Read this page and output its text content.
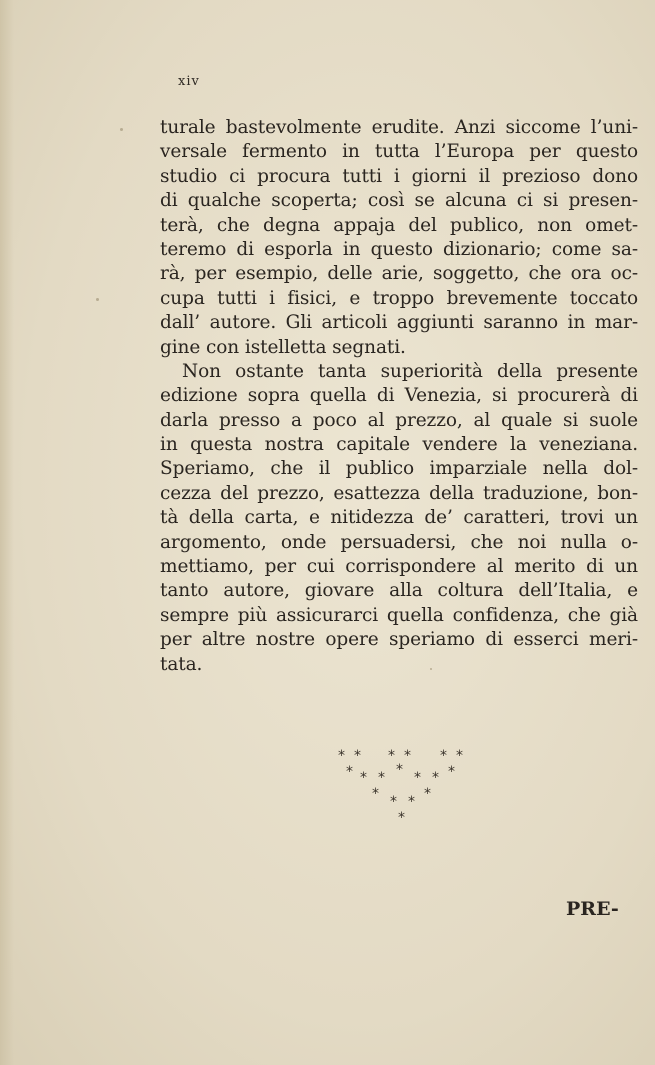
xiv
turale bastevolmente erudite. Anzi siccome l’uni-
versale fermento in tutta l’Europa per questo
studio ci procura tutti i giorni il prezioso dono
di qualche scoperta; così se alcuna ci si presen-
terà, che degna appaja del publico, non omet-
teremo di esporla in questo dizionario; come sa-
rà, per esempio, delle arie, soggetto, che ora oc-
cupa tutti i fisici, e troppo brevemente toccato
dall’ autore. Gli articoli aggiunti saranno in mar-
gine con istelletta segnati.
Non ostante tanta superiorità della presente
edizione sopra quella di Venezia, si procurerà di
darla presso a poco al prezzo, al quale si suole
in questa nostra capitale vendere la veneziana.
Speriamo, che il publico imparziale nella dol-
cezza del prezzo, esattezza della traduzione, bon-
tà della carta, e nitidezza de’ caratteri, trovi un
argomento, onde persuadersi, che noi nulla o-
mettiamo, per cui corrispondere al merito di un
tanto autore, giovare alla coltura dell’Italia, e
sempre più assicurarci quella confidenza, che già
per altre nostre opere speriamo di esserci meri-
tata.
* * * * * *
* * * * * * *
* * * *
*
PRE-
